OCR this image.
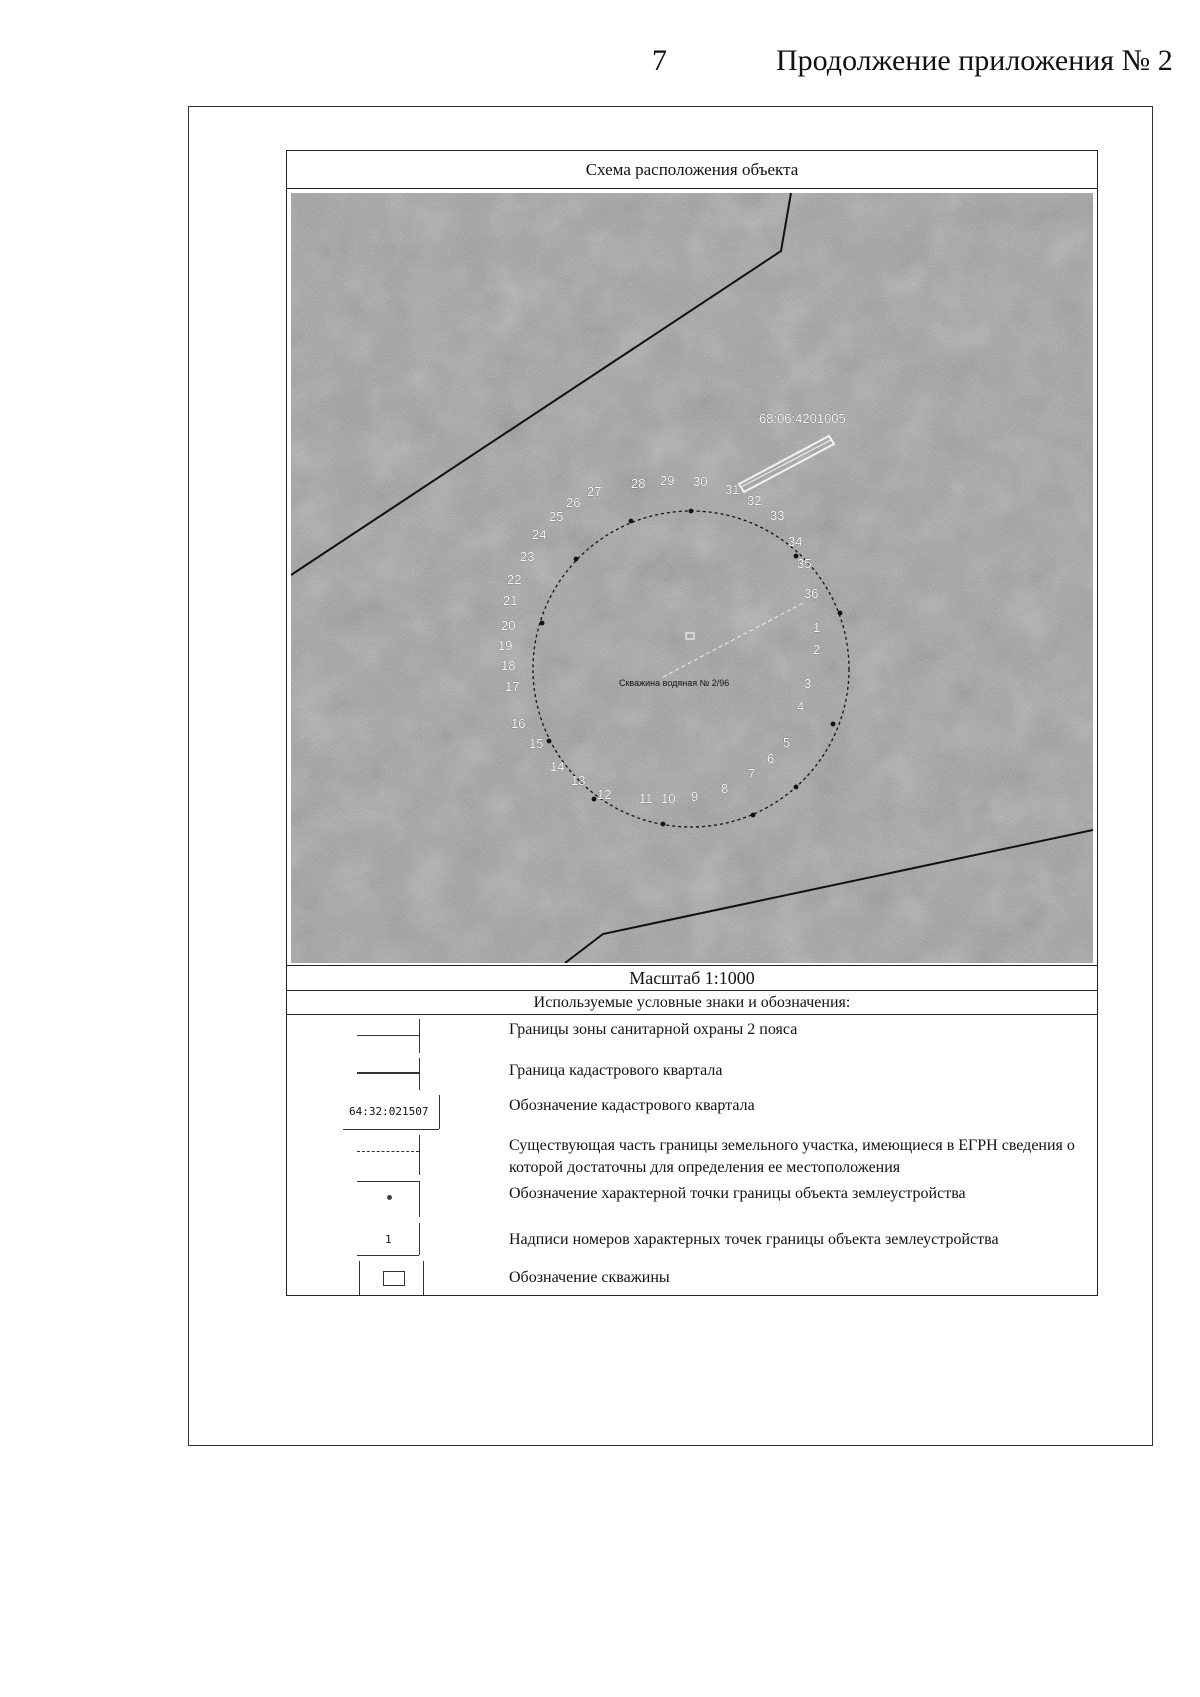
7	Продолжение приложения № 2
Схема расположения объекта
68:06:4201005
Скважина водяная № 2/96
20
21
22
23
24
25
26
27
28 29 30
31
32
33
34
35
36
1
2
3
4
5
6
7
8
9
10
11
12
13
14
15
16
17
18
19
Масштаб 1:1000
Используемые условные знаки и обозначения:
Границы зоны санитарной охраны 2 пояса
Граница кадастрового квартала
64:32:021507	Обозначение кадастрового квартала
Существующая часть границы земельного участка, имеющиеся в ЕГРН сведения о которой достаточны для определения ее местоположения
Обозначение характерной точки границы объекта землеустройства
1	Надписи номеров характерных точек границы объекта землеустройства
Обозначение скважины
